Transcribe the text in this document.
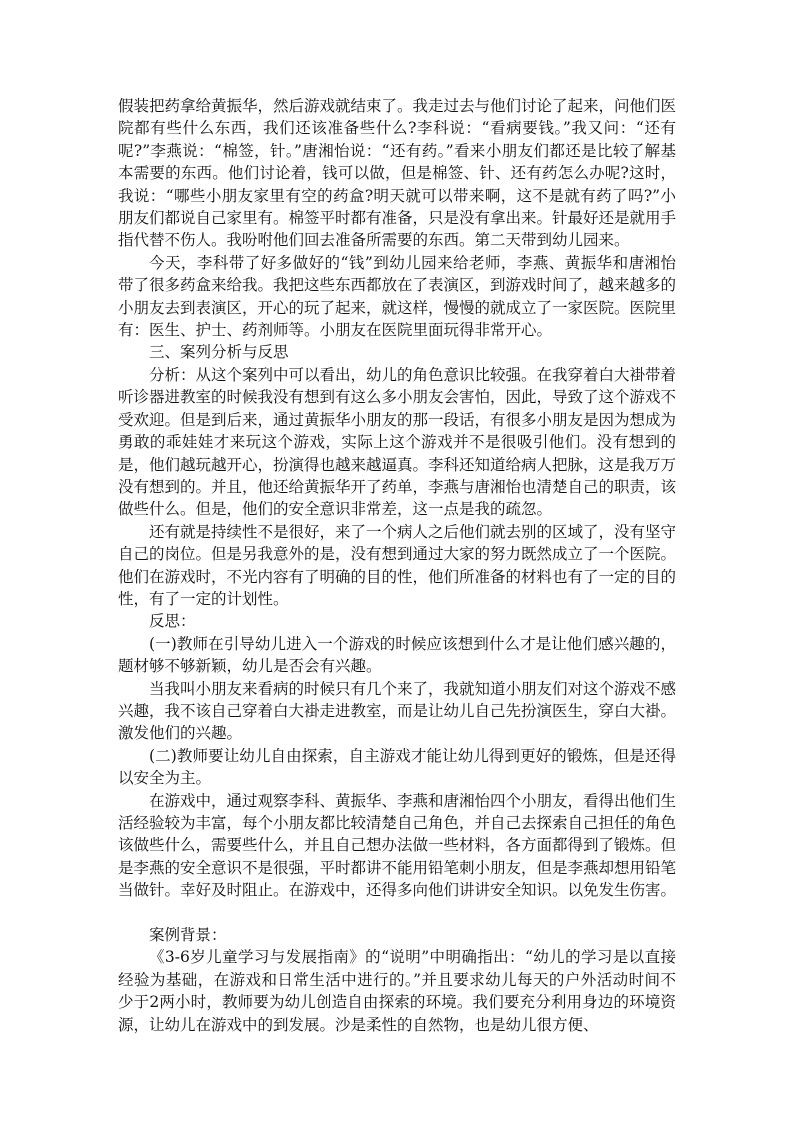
假装把药拿给黄振华，然后游戏就结束了。我走过去与他们讨论了起来，问他们医院都有些什么东西，我们还该准备些什么?李科说：“看病要钱。”我又问：“还有呢?”李燕说：“棉签，针。”唐湘怡说：“还有药。”看来小朋友们都还是比较了解基本需要的东西。他们讨论着，钱可以做，但是棉签、针、还有药怎么办呢?这时，我说：“哪些小朋友家里有空的药盒?明天就可以带来啊，这不是就有药了吗?”小朋友们都说自己家里有。棉签平时都有准备，只是没有拿出来。针最好还是就用手指代替不伤人。我吩咐他们回去准备所需要的东西。第二天带到幼儿园来。

今天，李科带了好多做好的“钱”到幼儿园来给老师，李燕、黄振华和唐湘怡带了很多药盒来给我。我把这些东西都放在了表演区，到游戏时间了，越来越多的小朋友去到表演区，开心的玩了起来，就这样，慢慢的就成立了一家医院。医院里有：医生、护士、药剂师等。小朋友在医院里面玩得非常开心。

三、案列分析与反思

分析：从这个案列中可以看出，幼儿的角色意识比较强。在我穿着白大褂带着听诊器进教室的时候我没有想到有这么多小朋友会害怕，因此，导致了这个游戏不受欢迎。但是到后来，通过黄振华小朋友的那一段话，有很多小朋友是因为想成为勇敢的乖娃娃才来玩这个游戏，实际上这个游戏并不是很吸引他们。没有想到的是，他们越玩越开心，扮演得也越来越逼真。李科还知道给病人把脉，这是我万万没有想到的。并且，他还给黄振华开了药单，李燕与唐湘怡也清楚自己的职责，该做些什么。但是，他们的安全意识非常差，这一点是我的疏忽。

还有就是持续性不是很好，来了一个病人之后他们就去别的区域了，没有坚守自己的岗位。但是另我意外的是，没有想到通过大家的努力既然成立了一个医院。他们在游戏时，不光内容有了明确的目的性，他们所准备的材料也有了一定的目的性，有了一定的计划性。

反思：

(一)教师在引导幼儿进入一个游戏的时候应该想到什么才是让他们感兴趣的，题材够不够新颖，幼儿是否会有兴趣。

当我叫小朋友来看病的时候只有几个来了，我就知道小朋友们对这个游戏不感兴趣，我不该自己穿着白大褂走进教室，而是让幼儿自己先扮演医生，穿白大褂。激发他们的兴趣。

(二)教师要让幼儿自由探索，自主游戏才能让幼儿得到更好的锻炼，但是还得以安全为主。

在游戏中，通过观察李科、黄振华、李燕和唐湘怡四个小朋友，看得出他们生活经验较为丰富，每个小朋友都比较清楚自己角色，并自己去探索自己担任的角色该做些什么，需要些什么，并且自己想办法做一些材料，各方面都得到了锻炼。但是李燕的安全意识不是很强，平时都讲不能用铅笔刺小朋友，但是李燕却想用铅笔当做针。幸好及时阻止。在游戏中，还得多向他们讲讲安全知识。以免发生伤害。

案例背景：

《3-6岁儿童学习与发展指南》的“说明”中明确指出：“幼儿的学习是以直接经验为基础，在游戏和日常生活中进行的。”并且要求幼儿每天的户外活动时间不少于2两小时，教师要为幼儿创造自由探索的环境。我们要充分利用身边的环境资源，让幼儿在游戏中的到发展。沙是柔性的自然物，也是幼儿很方便、
